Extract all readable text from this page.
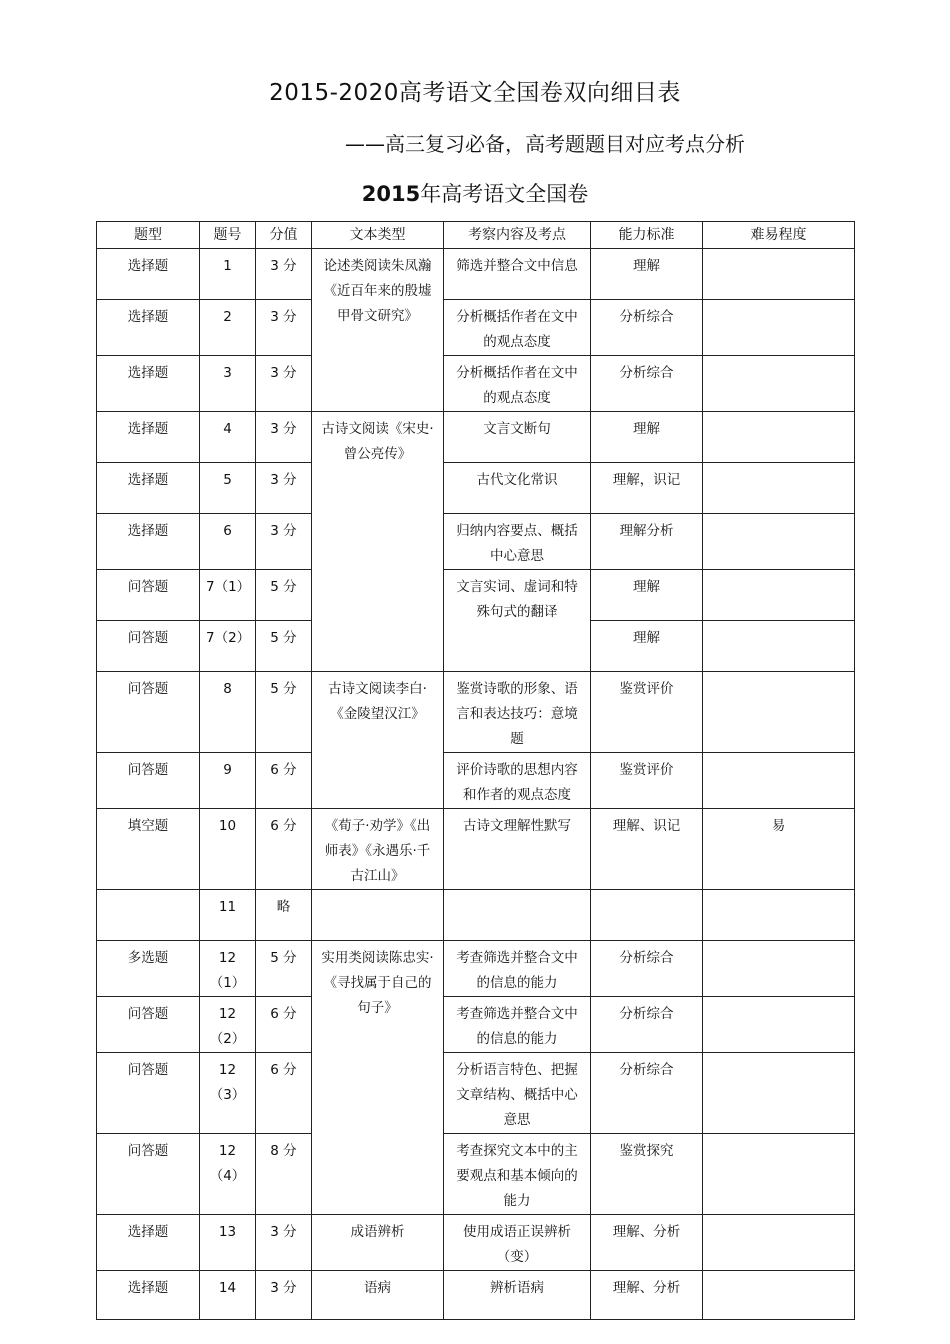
2015-2020高考语文全国卷双向细目表
——高三复习必备，高考题题目对应考点分析
2015年高考语文全国卷
题型	题号	分值	文本类型	考察内容及考点	能力标准	难易程度
选择题	1	3 分	论述类阅读朱凤瀚《近百年来的殷墟甲骨文研究》	筛选并整合文中信息	理解	
选择题	2	3 分		分析概括作者在文中的观点态度	分析综合	
选择题	3	3 分		分析概括作者在文中的观点态度	分析综合	
选择题	4	3 分	古诗文阅读《宋史·曾公亮传》	文言文断句	理解	
选择题	5	3 分		古代文化常识	理解，识记	
选择题	6	3 分		归纳内容要点、概括中心意思	理解分析	
问答题	7（1）	5 分		文言实词、虚词和特殊句式的翻译	理解	
问答题	7（2）	5 分			理解	
问答题	8	5 分	古诗文阅读李白·《金陵望汉江》	鉴赏诗歌的形象、语言和表达技巧：意境题	鉴赏评价	
问答题	9	6 分		评价诗歌的思想内容和作者的观点态度	鉴赏评价	
填空题	10	6 分	《荀子·劝学》《出师表》《永遇乐·千古江山》	古诗文理解性默写	理解、识记	易
	11	略				
多选题	12（1）	5 分	实用类阅读陈忠实·《寻找属于自己的句子》	考查筛选并整合文中的信息的能力	分析综合	
问答题	12（2）	6 分		考查筛选并整合文中的信息的能力	分析综合	
问答题	12（3）	6 分		分析语言特色、把握文章结构、概括中心意思	分析综合	
问答题	12（4）	8 分		考查探究文本中的主要观点和基本倾向的能力	鉴赏探究	
选择题	13	3 分	成语辨析	使用成语正误辨析（变）	理解、分析	
选择题	14	3 分	语病	辨析语病	理解、分析	
